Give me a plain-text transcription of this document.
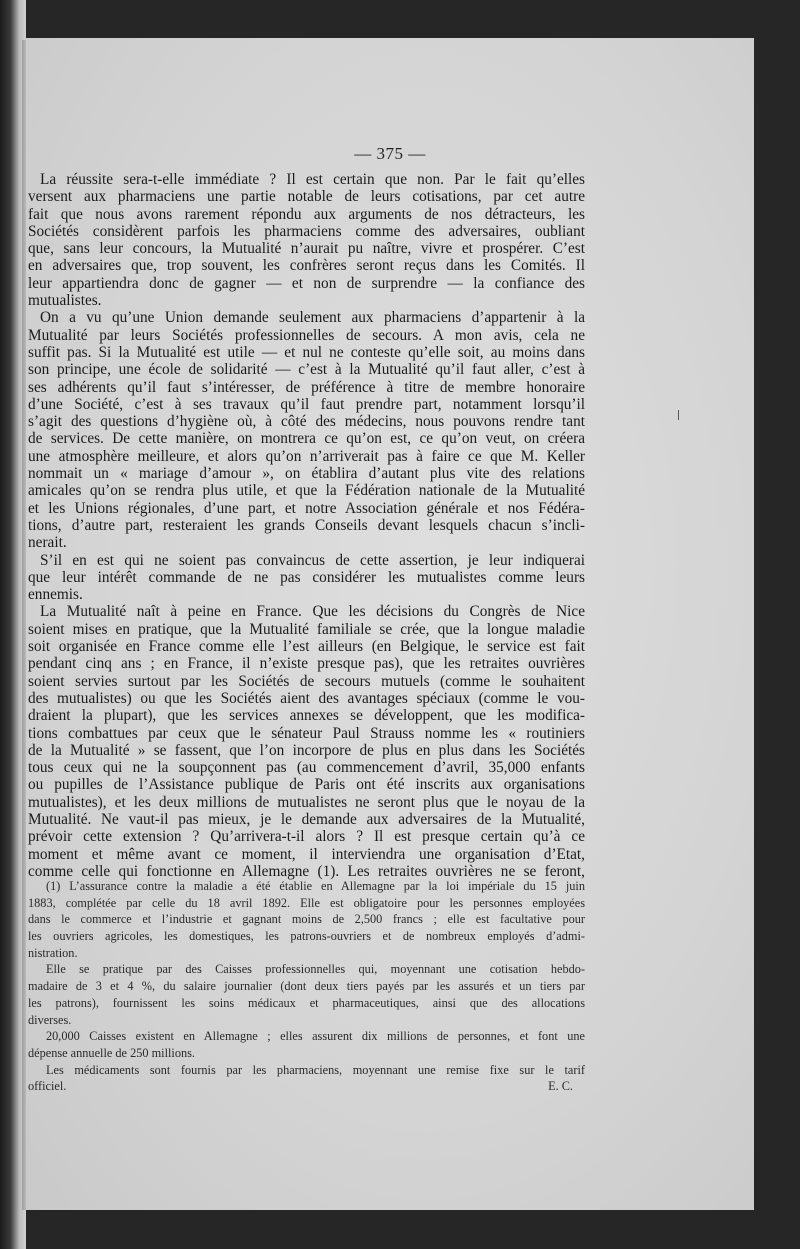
— 375 —
La réussite sera-t-elle immédiate ? Il est certain que non. Par le fait qu’elles
versent aux pharmaciens une partie notable de leurs cotisations, par cet autre
fait que nous avons rarement répondu aux arguments de nos détracteurs, les
Sociétés considèrent parfois les pharmaciens comme des adversaires, oubliant
que, sans leur concours, la Mutualité n’aurait pu naître, vivre et prospérer. C’est
en adversaires que, trop souvent, les confrères seront reçus dans les Comités. Il
leur appartiendra donc de gagner — et non de surprendre — la confiance des
mutualistes.
On a vu qu’une Union demande seulement aux pharmaciens d’appartenir à la
Mutualité par leurs Sociétés professionnelles de secours. A mon avis, cela ne
suffit pas. Si la Mutualité est utile — et nul ne conteste qu’elle soit, au moins dans
son principe, une école de solidarité — c’est à la Mutualité qu’il faut aller, c’est à
ses adhérents qu’il faut s’intéresser, de préférence à titre de membre honoraire
d’une Société, c’est à ses travaux qu’il faut prendre part, notamment lorsqu’il
s’agit des questions d’hygiène où, à côté des médecins, nous pouvons rendre tant
de services. De cette manière, on montrera ce qu’on est, ce qu’on veut, on créera
une atmosphère meilleure, et alors qu’on n’arriverait pas à faire ce que M. Keller
nommait un « mariage d’amour », on établira d’autant plus vite des relations
amicales qu’on se rendra plus utile, et que la Fédération nationale de la Mutualité
et les Unions régionales, d’une part, et notre Association générale et nos Fédéra-
tions, d’autre part, resteraient les grands Conseils devant lesquels chacun s’incli-
nerait.
S’il en est qui ne soient pas convaincus de cette assertion, je leur indiquerai
que leur intérêt commande de ne pas considérer les mutualistes comme leurs
ennemis.
La Mutualité naît à peine en France. Que les décisions du Congrès de Nice
soient mises en pratique, que la Mutualité familiale se crée, que la longue maladie
soit organisée en France comme elle l’est ailleurs (en Belgique, le service est fait
pendant cinq ans ; en France, il n’existe presque pas), que les retraites ouvrières
soient servies surtout par les Sociétés de secours mutuels (comme le souhaitent
des mutualistes) ou que les Sociétés aient des avantages spéciaux (comme le vou-
draient la plupart), que les services annexes se développent, que les modifica-
tions combattues par ceux que le sénateur Paul Strauss nomme les « routiniers
de la Mutualité » se fassent, que l’on incorpore de plus en plus dans les Sociétés
tous ceux qui ne la soupçonnent pas (au commencement d’avril, 35,000 enfants
ou pupilles de l’Assistance publique de Paris ont été inscrits aux organisations
mutualistes), et les deux millions de mutualistes ne seront plus que le noyau de la
Mutualité. Ne vaut-il pas mieux, je le demande aux adversaires de la Mutualité,
prévoir cette extension ? Qu’arrivera-t-il alors ? Il est presque certain qu’à ce
moment et même avant ce moment, il interviendra une organisation d’Etat,
comme celle qui fonctionne en Allemagne (1). Les retraites ouvrières ne se feront,
(1) L’assurance contre la maladie a été établie en Allemagne par la loi impériale du 15 juin
1883, complétée par celle du 18 avril 1892. Elle est obligatoire pour les personnes employées
dans le commerce et l’industrie et gagnant moins de 2,500 francs ; elle est facultative pour
les ouvriers agricoles, les domestiques, les patrons-ouvriers et de nombreux employés d’admi-
nistration.
Elle se pratique par des Caisses professionnelles qui, moyennant une cotisation hebdo-
madaire de 3 et 4 %, du salaire journalier (dont deux tiers payés par les assurés et un tiers par
les patrons), fournissent les soins médicaux et pharmaceutiques, ainsi que des allocations
diverses.
20,000 Caisses existent en Allemagne ; elles assurent dix millions de personnes, et font une
dépense annuelle de 250 millions.
Les médicaments sont fournis par les pharmaciens, moyennant une remise fixe sur le tarif
officiel.	E. C.
